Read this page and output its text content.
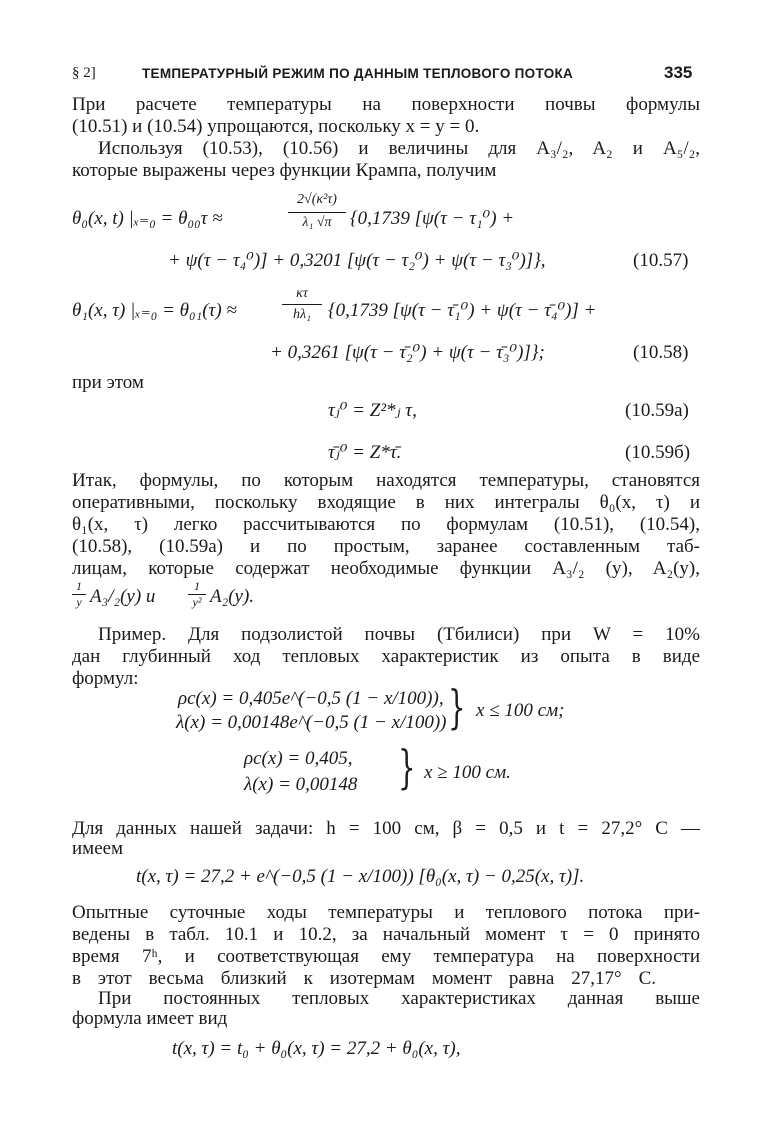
§ 2]	ТЕМПЕРАТУРНЫЙ РЕЖИМ ПО ДАННЫМ ТЕПЛОВОГО ПОТОКА	335
При расчете температуры на поверхности почвы формулы
(10.51) и (10.54) упрощаются, поскольку x = y = 0.
Используя (10.53), (10.56) и величины для A₃/₂, A₂ и A₅/₂,
которые выражены через функции Крампа, получим
θ₀(x, t) |ₓ₌₀ = θ₀₀τ ≈
2√(κ²τ)
λ₁ √π {0,1739 [ψ(τ − τ₁⁰) +
+ ψ(τ − τ₄⁰)] + 0,3201 [ψ(τ − τ₂⁰) + ψ(τ − τ₃⁰)]},	(10.57)
θ₁(x, τ) |ₓ₌₀ = θ₀₁(τ) ≈
κτ
hλ₁ {0,1739 [ψ(τ − τ̄₁⁰) + ψ(τ − τ̄₄⁰)] +
+ 0,3261 [ψ(τ − τ̄₂⁰) + ψ(τ − τ̄₃⁰)]};	(10.58)
при этом
τⱼ⁰ = Z²*ⱼ τ,	(10.59а)
τ̄ⱼ⁰ = Z*τ̄.	(10.59б)
Итак, формулы, по которым находятся температуры, становятся
оперативными, поскольку входящие в них интегралы θ₀(x, τ) и
θ₁(x, τ) легко рассчитываются по формулам (10.51), (10.54),
(10.58), (10.59а) и по простым, заранее составленным таб-
лицам, которые содержат необходимые функции A₃/₂ (y), A₂(y),
1
y A₃/₂(y) и	1
y² A₂(y).
Пример. Для подзолистой почвы (Тбилиси) при W = 10%
дан глубинный ход тепловых характеристик из опыта в виде
формул:
ρc(x) = 0,405e^(−0,5 (1 − x/100)),
λ(x) = 0,00148e^(−0,5 (1 − x/100)) } x ≤ 100 см;
ρc(x) = 0,405,
λ(x) = 0,00148 } x ≥ 100 см.
Для данных нашей задачи: h = 100 см, β = 0,5 и t = 27,2° C —
имеем
t(x, τ) = 27,2 + e^(−0,5 (1 − x/100)) [θ₀(x, τ) − 0,25(x, τ)].
Опытные суточные ходы температуры и теплового потока при-
ведены в табл. 10.1 и 10.2, за начальный момент τ = 0 принято
время 7ʰ, и соответствующая ему температура на поверхности
в этот весьма близкий к изотермам момент равна 27,17° C.
При постоянных тепловых характеристиках данная выше
формула имеет вид
t(x, τ) = t₀ + θ₀(x, τ) = 27,2 + θ₀(x, τ),
